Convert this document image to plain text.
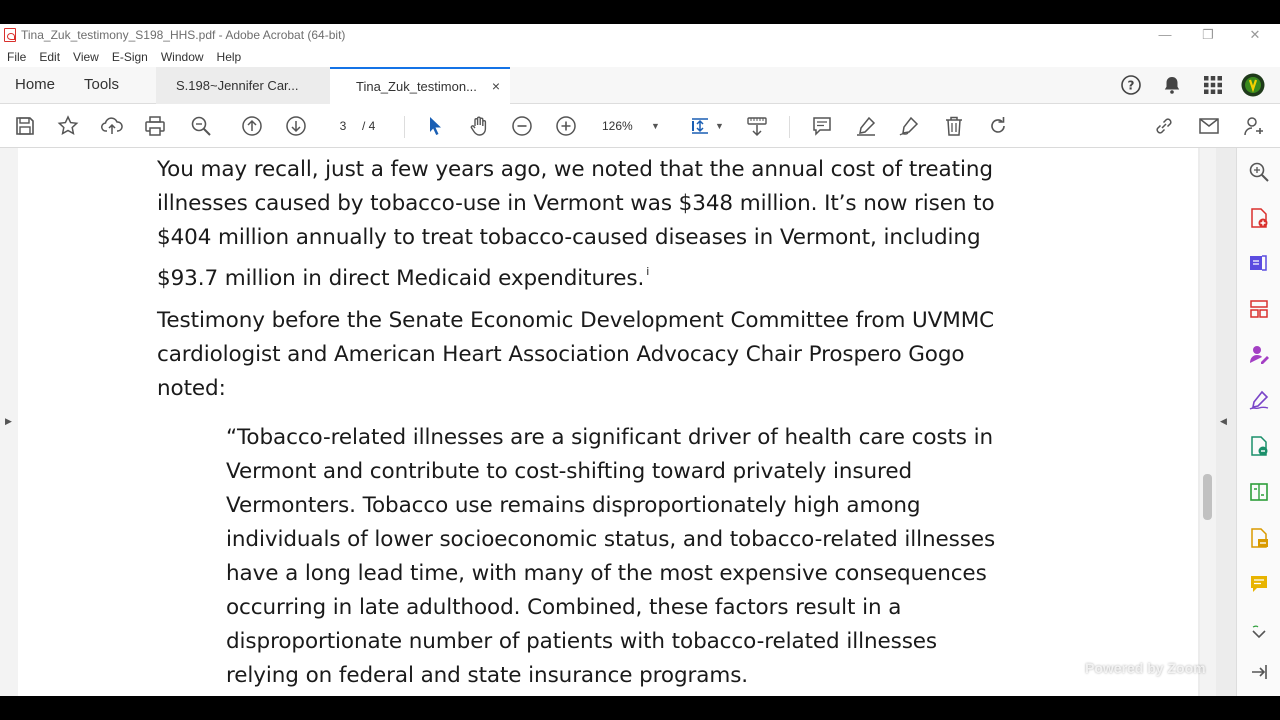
Tina_Zuk_testimony_S198_HHS.pdf - Adobe Acrobat (64-bit)	—	❐	✕
File Edit View E-Sign Window Help
Home Tools	S.198~Jennifer Car...	Tina_Zuk_testimon... ×	?
3	/ 4	126%	▼	▼
▶
You may recall, just a few years ago, we noted that the annual cost of treating
illnesses caused by tobacco-use in Vermont was $348 million. It’s now risen to
$404 million annually to treat tobacco-caused diseases in Vermont, including
$93.7 million in direct Medicaid expenditures. $^i$
Testimony before the Senate Economic Development Committee from UVMMC
cardiologist and American Heart Association Advocacy Chair Prospero Gogo
noted:
“Tobacco-related illnesses are a significant driver of health care costs in
Vermont and contribute to cost-shifting toward privately insured
Vermonters. Tobacco use remains disproportionately high among
individuals of lower socioeconomic status, and tobacco-related illnesses
have a long lead time, with many of the most expensive consequences
occurring in late adulthood. Combined, these factors result in a
disproportionate number of patients with tobacco-related illnesses
relying on federal and state insurance programs.
◀
Powered by Zoom
